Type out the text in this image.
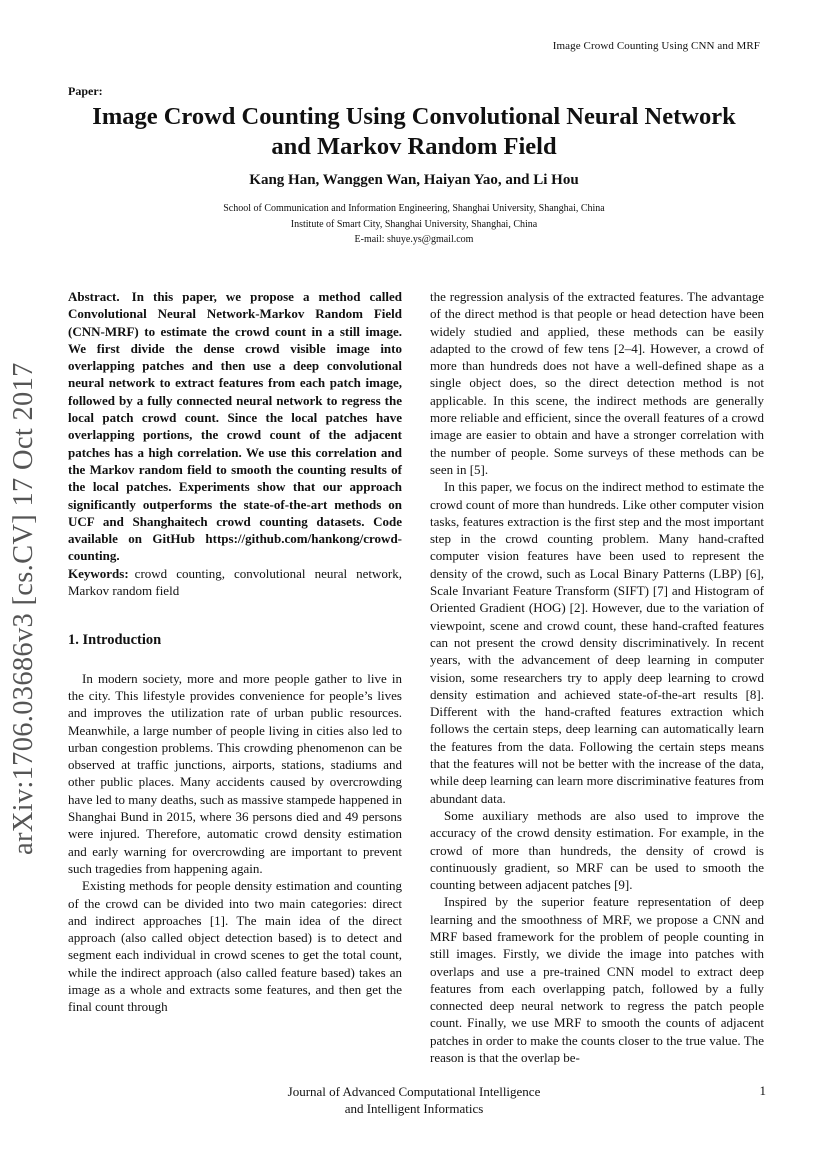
Image Crowd Counting Using CNN and MRF
Paper:
Image Crowd Counting Using Convolutional Neural Network
and Markov Random Field
Kang Han, Wanggen Wan, Haiyan Yao, and Li Hou
School of Communication and Information Engineering, Shanghai University, Shanghai, China
Institute of Smart City, Shanghai University, Shanghai, China
E-mail: shuye.ys@gmail.com
arXiv:1706.03686v3 [cs.CV] 17 Oct 2017

Abstract. In this paper, we propose a method called Convolutional Neural Network-Markov Random Field (CNN-MRF) to estimate the crowd count in a still image. We first divide the dense crowd visible image into overlapping patches and then use a deep convolutional neural network to extract features from each patch image, followed by a fully connected neural network to regress the local patch crowd count. Since the local patches have overlapping portions, the crowd count of the adjacent patches has a high correlation. We use this correlation and the Markov random field to smooth the counting results of the local patches. Experiments show that our approach significantly outperforms the state-of-the-art methods on UCF and Shanghaitech crowd counting datasets. Code available on GitHub https://github.com/hankong/crowd-counting.

Keywords: crowd counting, convolutional neural network, Markov random field

1. Introduction

In modern society, more and more people gather to live in the city. This lifestyle provides convenience for people’s lives and improves the utilization rate of urban public resources. Meanwhile, a large number of people living in cities also led to urban congestion problems. This crowding phenomenon can be observed at traffic junctions, airports, stations, stadiums and other public places. Many accidents caused by overcrowding have led to many deaths, such as massive stampede happened in Shanghai Bund in 2015, where 36 persons died and 49 persons were injured. Therefore, automatic crowd density estimation and early warning for overcrowding are important to prevent such tragedies from happening again.

Existing methods for people density estimation and counting of the crowd can be divided into two main categories: direct and indirect approaches [1]. The main idea of the direct approach (also called object detection based) is to detect and segment each individual in crowd scenes to get the total count, while the indirect approach (also called feature based) takes an image as a whole and extracts some features, and then get the final count through

the regression analysis of the extracted features. The advantage of the direct method is that people or head detection have been widely studied and applied, these methods can be easily adapted to the crowd of few tens [2–4]. However, a crowd of more than hundreds does not have a well-defined shape as a single object does, so the direct detection method is not applicable. In this scene, the indirect methods are generally more reliable and efficient, since the overall features of a crowd image are easier to obtain and have a stronger correlation with the number of people. Some surveys of these methods can be seen in [5].

In this paper, we focus on the indirect method to estimate the crowd count of more than hundreds. Like other computer vision tasks, features extraction is the first step and the most important step in the crowd counting problem. Many hand-crafted computer vision features have been used to represent the density of the crowd, such as Local Binary Patterns (LBP) [6], Scale Invariant Feature Transform (SIFT) [7] and Histogram of Oriented Gradient (HOG) [2]. However, due to the variation of viewpoint, scene and crowd count, these hand-crafted features can not present the crowd density discriminatively. In recent years, with the advancement of deep learning in computer vision, some researchers try to apply deep learning to crowd density estimation and achieved state-of-the-art results [8]. Different with the hand-crafted features extraction which follows the certain steps, deep learning can automatically learn the features from the data. Following the certain steps means that the features will not be better with the increase of the data, while deep learning can learn more discriminative features from abundant data.

Some auxiliary methods are also used to improve the accuracy of the crowd density estimation. For example, in the crowd of more than hundreds, the density of crowd is continuously gradient, so MRF can be used to smooth the counting between adjacent patches [9].

Inspired by the superior feature representation of deep learning and the smoothness of MRF, we propose a CNN and MRF based framework for the problem of people counting in still images. Firstly, we divide the image into patches with overlaps and use a pre-trained CNN model to extract deep features from each overlapping patch, followed by a fully connected deep neural network to regress the patch people count. Finally, we use MRF to smooth the counts of adjacent patches in order to make the counts closer to the true value. The reason is that the overlap be-

Journal of Advanced Computational Intelligence
and Intelligent Informatics
1
